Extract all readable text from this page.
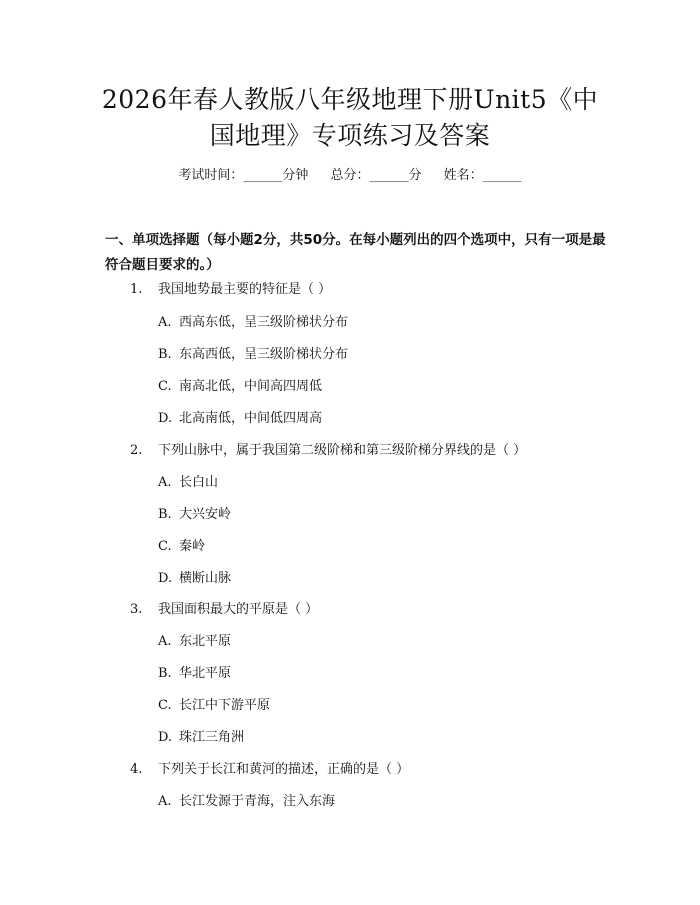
2026年春人教版八年级地理下册Unit5《中国地理》专项练习及答案
考试时间：______分钟 总分：______分 姓名：______
一、单项选择题（每小题2分，共50分。在每小题列出的四个选项中，只有一项是最符合题目要求的。）
1. 我国地势最主要的特征是（ ）
A. 西高东低，呈三级阶梯状分布
B. 东高西低，呈三级阶梯状分布
C. 南高北低，中间高四周低
D. 北高南低，中间低四周高
2. 下列山脉中，属于我国第二级阶梯和第三级阶梯分界线的是（ ）
A. 长白山
B. 大兴安岭
C. 秦岭
D. 横断山脉
3. 我国面积最大的平原是（ ）
A. 东北平原
B. 华北平原
C. 长江中下游平原
D. 珠江三角洲
4. 下列关于长江和黄河的描述，正确的是（ ）
A. 长江发源于青海，注入东海
